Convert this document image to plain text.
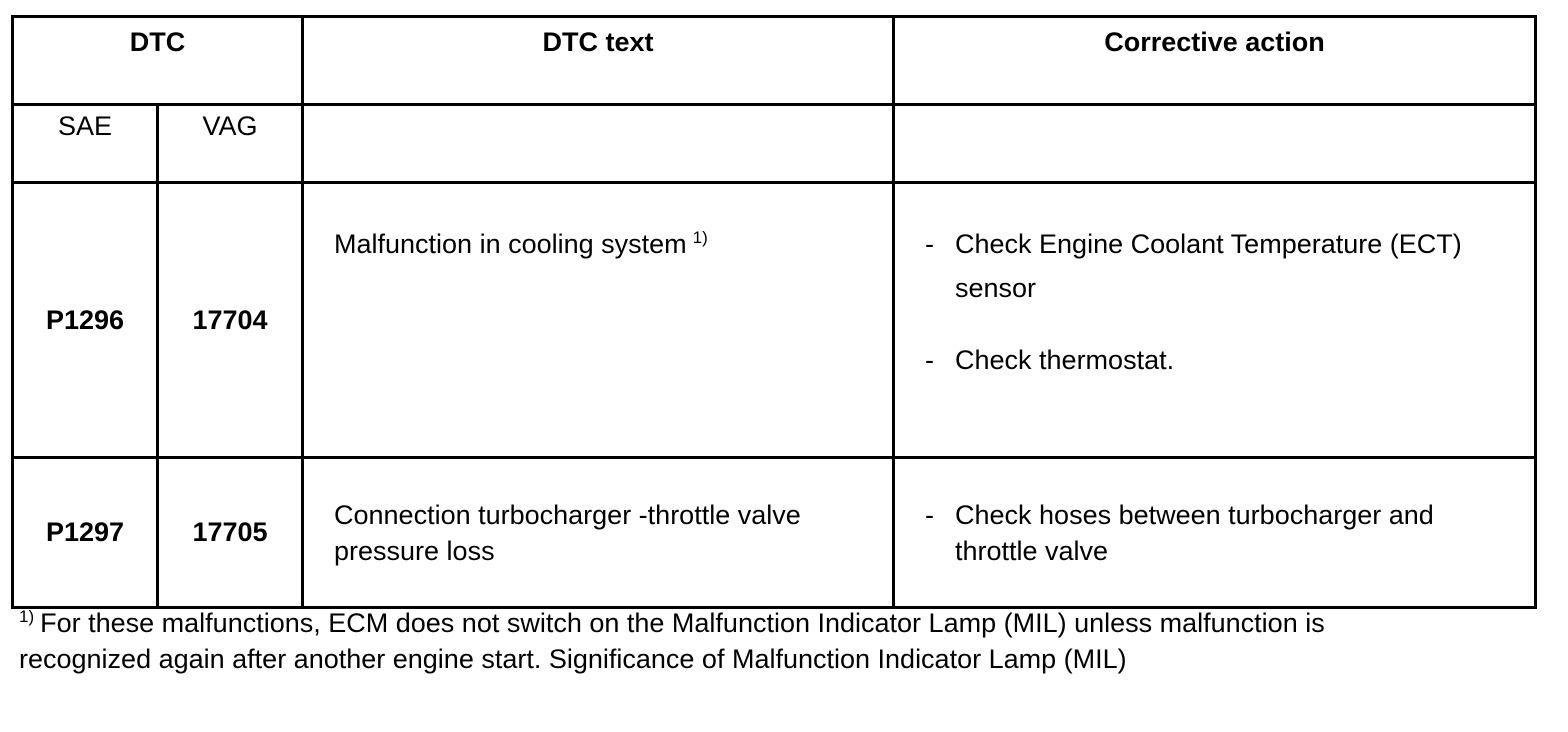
DTC		DTC text	Corrective action
SAE	VAG		
P1296	17704	Malfunction in cooling system $^{1)}$	- Check Engine Coolant Temperature (ECT) sensor
- Check thermostat.

P1297	17705	Connection turbocharger -throttle valve pressure loss	- Check hoses between turbocharger and throttle valve
$^{1)}$ For these malfunctions, ECM does not switch on the Malfunction Indicator Lamp (MIL) unless malfunction is recognized again after another engine start. Significance of Malfunction Indicator Lamp (MIL)
